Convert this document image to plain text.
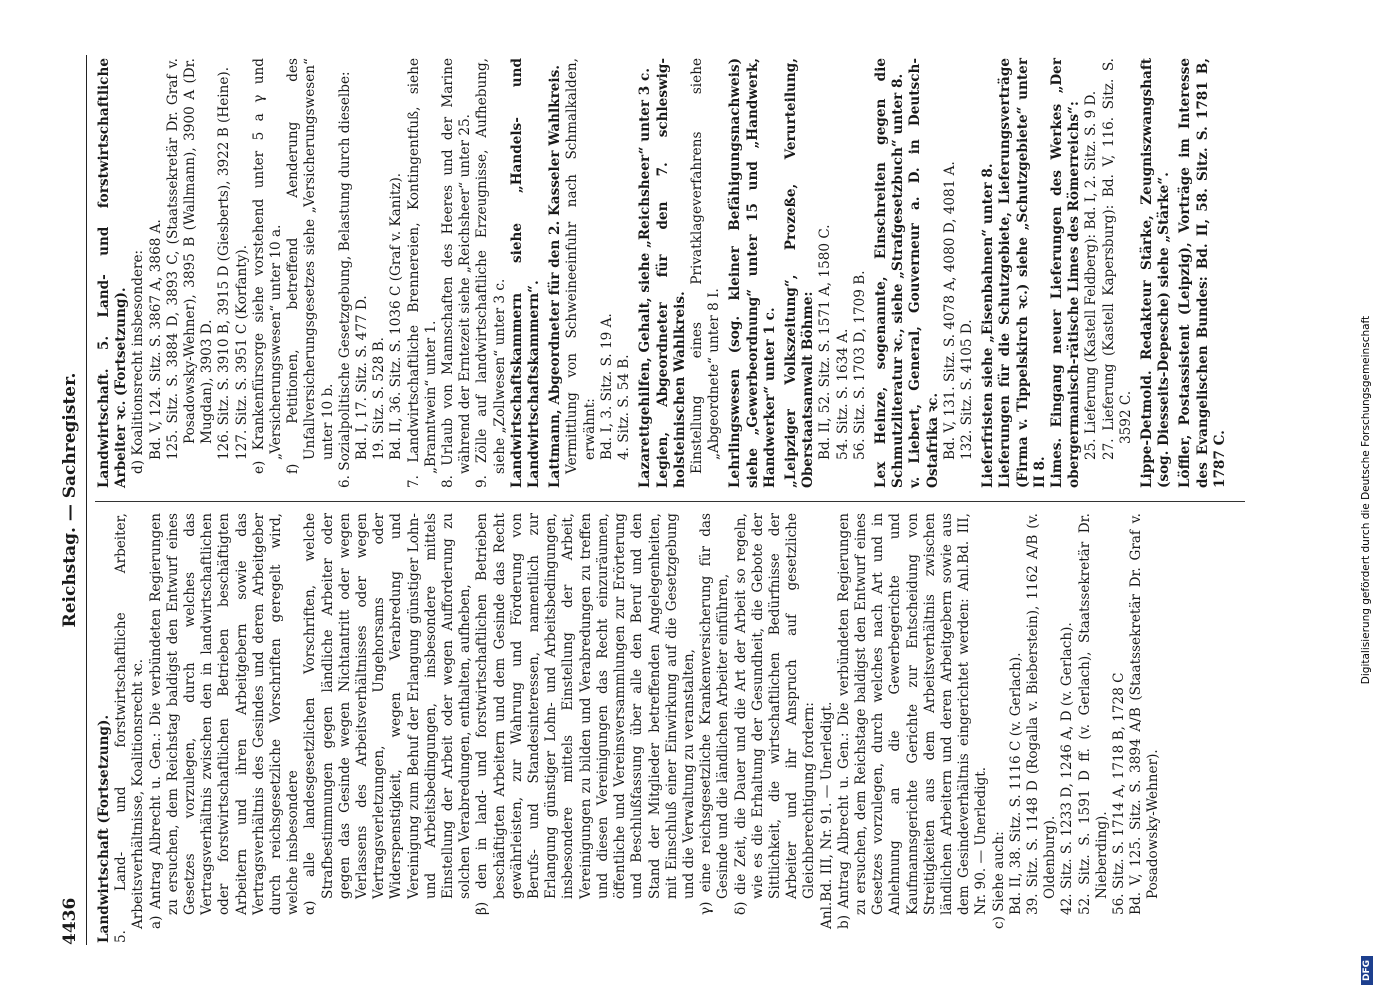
4436
Reichstag. — Sachregister.

Landwirtschaft (Fortsetzung). 5. Land- und forstwirtschaftliche Arbeiter, Arbeitsverhältnisse, Koalitionsrecht ꝛc. a) Antrag Albrecht u. Gen.: Die verbündeten Regierungen zu ersuchen, dem Reichstag baldigst den Entwurf eines Gesetzes vorzulegen, durch welches das Vertragsverhältnis zwischen den in landwirtschaftlichen oder forstwirtschaftlichen Betrieben beschäftigten Arbeitern und ihren Arbeitgebern sowie das Vertragsverhältnis des Gesindes und deren Arbeitgeber durch reichsgesetzliche Vorschriften geregelt wird, welche insbesondere α) alle landesgesetzlichen Vorschriften, welche Strafbestimmungen gegen ländliche Arbeiter oder gegen das Gesinde wegen Nichtantritt oder wegen Verlassens des Arbeitsverhältnisses oder wegen Vertragsverletzungen, Ungehorsams oder Widerspenstigkeit, wegen Verabredung und Vereinigung zum Behuf der Erlangung günstiger Lohn- und Arbeitsbedingungen, insbesondere mittels Einstellung der Arbeit oder wegen Aufforderung zu solchen Verabredungen, enthalten, aufheben, β) den in land- und forstwirtschaftlichen Betrieben beschäftigten Arbeitern und dem Gesinde das Recht gewährleisten, zur Wahrung und Förderung von Berufs- und Standesinteressen, namentlich zur Erlangung günstiger Lohn- und Arbeitsbedingungen, insbesondere mittels Einstellung der Arbeit, Vereinigungen zu bilden und Verabredungen zu treffen und diesen Vereinigungen das Recht einzuräumen, öffentliche und Vereinsversammlungen zur Erörterung und Beschlußfassung über alle den Beruf und den Stand der Mitglieder betreffenden Angelegenheiten, mit Einschluß einer Einwirkung auf die Gesetzgebung und die Verwaltung zu veranstalten, γ) eine reichsgesetzliche Krankenversicherung für das Gesinde und die ländlichen Arbeiter einführen, δ) die Zeit, die Dauer und die Art der Arbeit so regeln, wie es die Erhaltung der Gesundheit, die Gebote der Sittlichkeit, die wirtschaftlichen Bedürfnisse der Arbeiter und ihr Anspruch auf gesetzliche Gleichberechtigung fordern: Anl.Bd. III, Nr. 91. — Unerledigt. b) Antrag Albrecht u. Gen.: Die verbündeten Regierungen zu ersuchen, dem Reichstage baldigst den Entwurf eines Gesetzes vorzulegen, durch welches nach Art und in Anlehnung an die Gewerbegerichte und Kaufmannsgerichte Gerichte zur Entscheidung von Streitigkeiten aus dem Arbeitsverhältnis zwischen ländlichen Arbeitern und deren Arbeitgebern sowie aus dem Gesindeverhältnis eingerichtet werden: Anl.Bd. III, Nr. 90. — Unerledigt. c) Siehe auch: Bd. II, 38. Sitz. S. 1116 C (v. Gerlach). 39. Sitz. S. 1148 D (Rogalla v. Bieberstein), 1162 A/B (v. Oldenburg). 42. Sitz. S. 1233 D, 1246 A, D (v. Gerlach). 52. Sitz. S. 1591 D ff. (v. Gerlach), Staatssekretär Dr. Nieberding). 56. Sitz. S. 1714 A, 1718 B, 1728 C Bd. V, 125. Sitz. S. 3894 A/B (Staatssekretär Dr. Graf v. Posadowsky-Wehner).

Landwirtschaft. 5. Land- und forstwirtschaftliche Arbeiter ꝛc. (Fortsetzung). d) Koalitionsrecht insbesondere: Bd. V, 124. Sitz. S. 3867 A, 3868 A. 125. Sitz. S. 3884 D, 3893 C, (Staatssekretär Dr. Graf v. Posadowsky-Wehner), 3895 B (Wallmann), 3900 A (Dr. Mugdan), 3903 D. 126. Sitz. S. 3910 B, 3915 D (Giesberts), 3922 B (Heine). 127. Sitz. S. 3951 C (Korfanty). e) Krankenfürsorge siehe vorstehend unter 5 a γ und „Versicherungswesen“ unter 10 a. f) Petitionen, betreffend Aenderung des Unfallversicherungsgesetzes siehe „Versicherungswesen“ unter 10 b. 6. Sozialpolitische Gesetzgebung, Belastung durch dieselbe: Bd. I, 17. Sitz. S. 477 D. 19. Sitz. S. 528 B. Bd. II, 36. Sitz. S. 1036 C (Graf v. Kanitz). 7. Landwirtschaftliche Brennereien, Kontingentfuß, siehe „Branntwein“ unter 1. 8. Urlaub von Mannschaften des Heeres und der Marine während der Erntezeit siehe „Reichsheer“ unter 25. 9. Zölle auf landwirtschaftliche Erzeugnisse, Aufhebung, siehe „Zollwesen“ unter 3 c. Landwirtschaftskammern siehe „Handels- und Landwirtschaftskammern“. Lattmann, Abgeordneter für den 2. Kasseler Wahlkreis. Vermittlung von Schweineeinfuhr nach Schmalkalden, erwähnt: Bd. I, 3. Sitz. S. 19 A. 4. Sitz. S. 54 B. Lazarettgehilfen, Gehalt, siehe „Reichsheer“ unter 3 c. Legien, Abgeordneter für den 7. schleswig-holsteinischen Wahlkreis. Einstellung eines Privatklageverfahrens siehe „Abgeordnete“ unter 8 I. Lehrlingswesen (sog. kleiner Befähigungsnachweis) siehe „Gewerbeordnung“ unter 15 und „Handwerk, Handwerker“ unter 1 c. „Leipziger Volkszeitung“, Prozeße, Verurteilung, Oberstaatsanwalt Böhme: Bd. II, 52. Sitz. S. 1571 A, 1580 C. 54. Sitz. S. 1634 A. 56. Sitz. S. 1703 D, 1709 B. Lex Heinze, sogenannte, Einschreiten gegen die Schmutzliteratur ꝛc., siehe „Strafgesetzbuch“ unter 8. v. Liebert, General, Gouverneur a. D. in Deutsch-Ostafrika ꝛc. Bd. V, 131. Sitz. S. 4078 A, 4080 D, 4081 A. 132. Sitz. S. 4105 D. Lieferfristen siehe „Eisenbahnen“ unter 8. Lieferungen für die Schutzgebiete, Lieferungsverträge (Firma v. Tippelskirch ꝛc.) siehe „Schutzgebiete“ unter II 8. Limes. Eingang neuer Lieferungen des Werkes „Der obergermanisch-rätische Limes des Römerreichs“: 25. Lieferung (Kastell Feldberg): Bd. I, 2. Sitz. S. 9 D. 27. Lieferung (Kastell Kapersburg): Bd. V, 116. Sitz. S. 3592 C. Lippe-Detmold. Redakteur Stärke, Zeugniszwangshaft (sog. Diesseits-Depesche) siehe „Stärke“. Löffler, Postassistent (Leipzig), Vorträge im Interesse des Evangelischen Bundes: Bd. II, 58. Sitz. S. 1781 B, 1787 C.

DFG
Digitalisierung gefördert durch die Deutsche Forschungsgemeinschaft
